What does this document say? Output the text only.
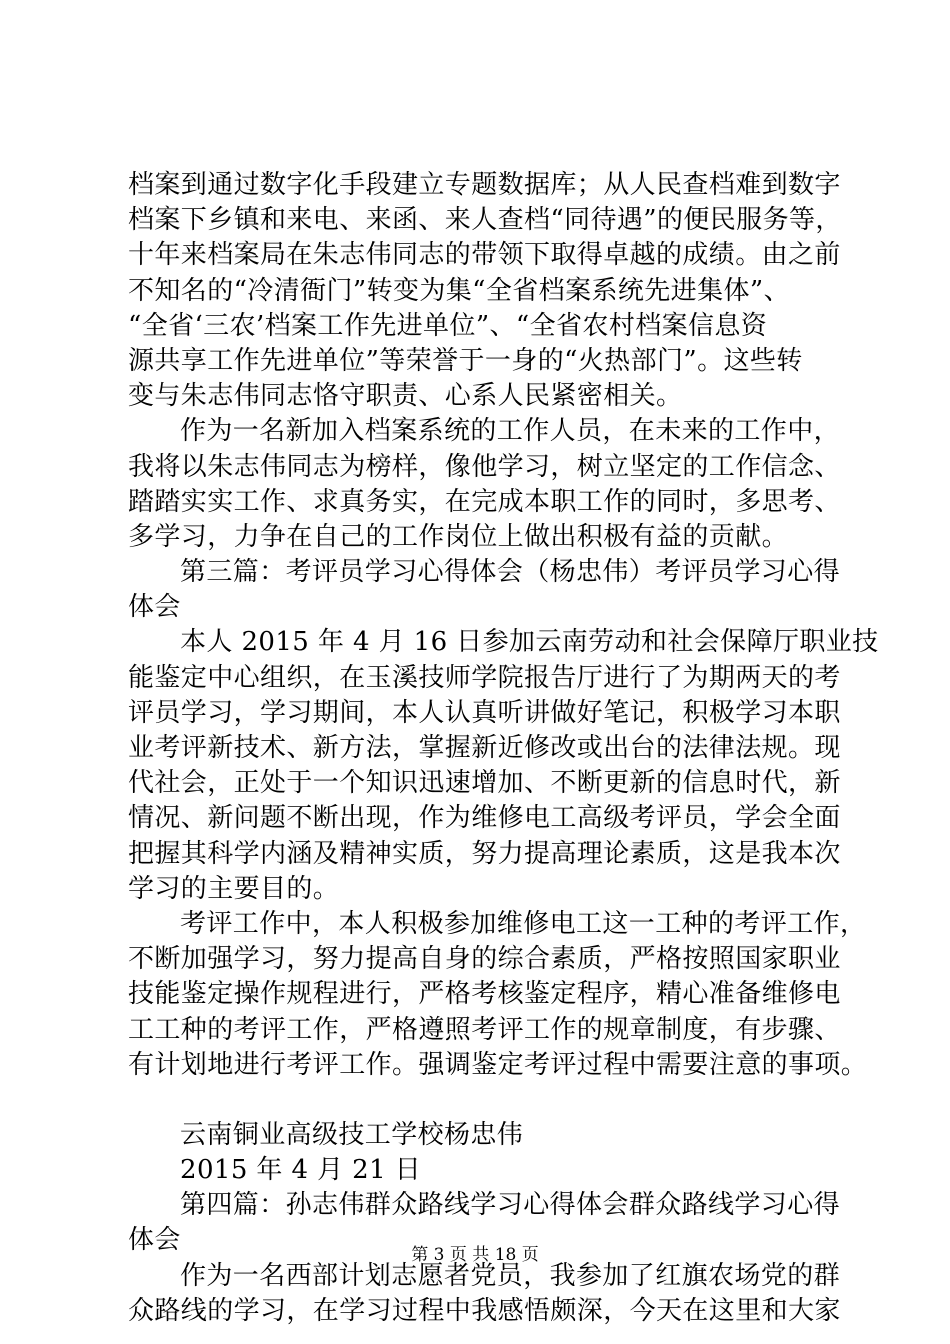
档案到通过数字化手段建立专题数据库；从人民查档难到数字
档案下乡镇和来电、来函、来人查档“同待遇”的便民服务等，
十年来档案局在朱志伟同志的带领下取得卓越的成绩。由之前
不知名的“冷清衙门”转变为集“全省档案系统先进集体”、
“全省‘三农’档案工作先进单位”、“全省农村档案信息资
源共享工作先进单位”等荣誉于一身的“火热部门”。这些转
变与朱志伟同志恪守职责、心系人民紧密相关。
作为一名新加入档案系统的工作人员，在未来的工作中，
我将以朱志伟同志为榜样，像他学习，树立坚定的工作信念、
踏踏实实工作、求真务实，在完成本职工作的同时，多思考、
多学习，力争在自己的工作岗位上做出积极有益的贡献。
第三篇：考评员学习心得体会（杨忠伟）考评员学习心得
体会
本人 2015 年 4 月 16 日参加云南劳动和社会保障厅职业技
能鉴定中心组织，在玉溪技师学院报告厅进行了为期两天的考
评员学习，学习期间，本人认真听讲做好笔记，积极学习本职
业考评新技术、新方法，掌握新近修改或出台的法律法规。现
代社会，正处于一个知识迅速增加、不断更新的信息时代，新
情况、新问题不断出现，作为维修电工高级考评员，学会全面
把握其科学内涵及精神实质，努力提高理论素质，这是我本次
学习的主要目的。
考评工作中，本人积极参加维修电工这一工种的考评工作，
不断加强学习，努力提高自身的综合素质，严格按照国家职业
技能鉴定操作规程进行，严格考核鉴定程序，精心准备维修电
工工种的考评工作，严格遵照考评工作的规章制度，有步骤、
有计划地进行考评工作。强调鉴定考评过程中需要注意的事项。
云南铜业高级技工学校杨忠伟
2015 年 4 月 21 日
第四篇：孙志伟群众路线学习心得体会群众路线学习心得
体会
作为一名西部计划志愿者党员，我参加了红旗农场党的群
众路线的学习，在学习过程中我感悟颇深，今天在这里和大家
第 3 页 共 18 页
